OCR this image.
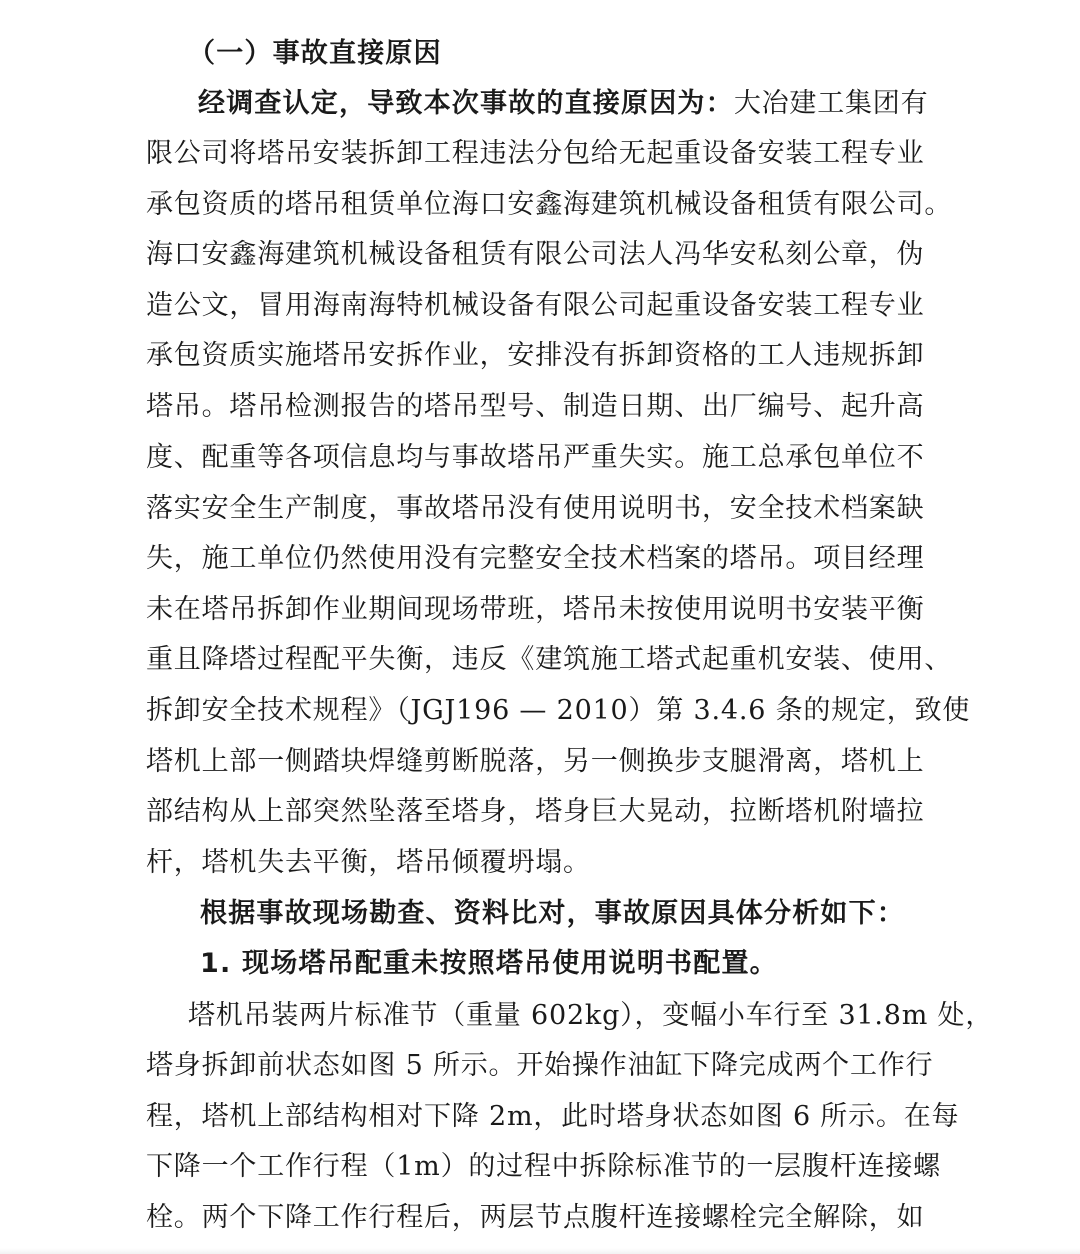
（一）事故直接原因
经调查认定，导致本次事故的直接原因为：大冶建工集团有
限公司将塔吊安装拆卸工程违法分包给无起重设备安装工程专业
承包资质的塔吊租赁单位海口安鑫海建筑机械设备租赁有限公司。
海口安鑫海建筑机械设备租赁有限公司法人冯华安私刻公章，伪
造公文，冒用海南海特机械设备有限公司起重设备安装工程专业
承包资质实施塔吊安拆作业，安排没有拆卸资格的工人违规拆卸
塔吊。塔吊检测报告的塔吊型号、制造日期、出厂编号、起升高
度、配重等各项信息均与事故塔吊严重失实。施工总承包单位不
落实安全生产制度，事故塔吊没有使用说明书，安全技术档案缺
失，施工单位仍然使用没有完整安全技术档案的塔吊。项目经理
未在塔吊拆卸作业期间现场带班，塔吊未按使用说明书安装平衡
重且降塔过程配平失衡，违反《建筑施工塔式起重机安装、使用、
拆卸安全技术规程》（JGJ196 — 2010）第 3.4.6 条的规定，致使
塔机上部一侧踏块焊缝剪断脱落，另一侧换步支腿滑离，塔机上
部结构从上部突然坠落至塔身，塔身巨大晃动，拉断塔机附墙拉
杆，塔机失去平衡，塔吊倾覆坍塌。
根据事故现场勘查、资料比对，事故原因具体分析如下：
1. 现场塔吊配重未按照塔吊使用说明书配置。
塔机吊装两片标准节（重量 602kg），变幅小车行至 31.8m 处，
塔身拆卸前状态如图 5 所示。开始操作油缸下降完成两个工作行
程，塔机上部结构相对下降 2m，此时塔身状态如图 6 所示。在每
下降一个工作行程（1m）的过程中拆除标准节的一层腹杆连接螺
栓。两个下降工作行程后，两层节点腹杆连接螺栓完全解除，如
